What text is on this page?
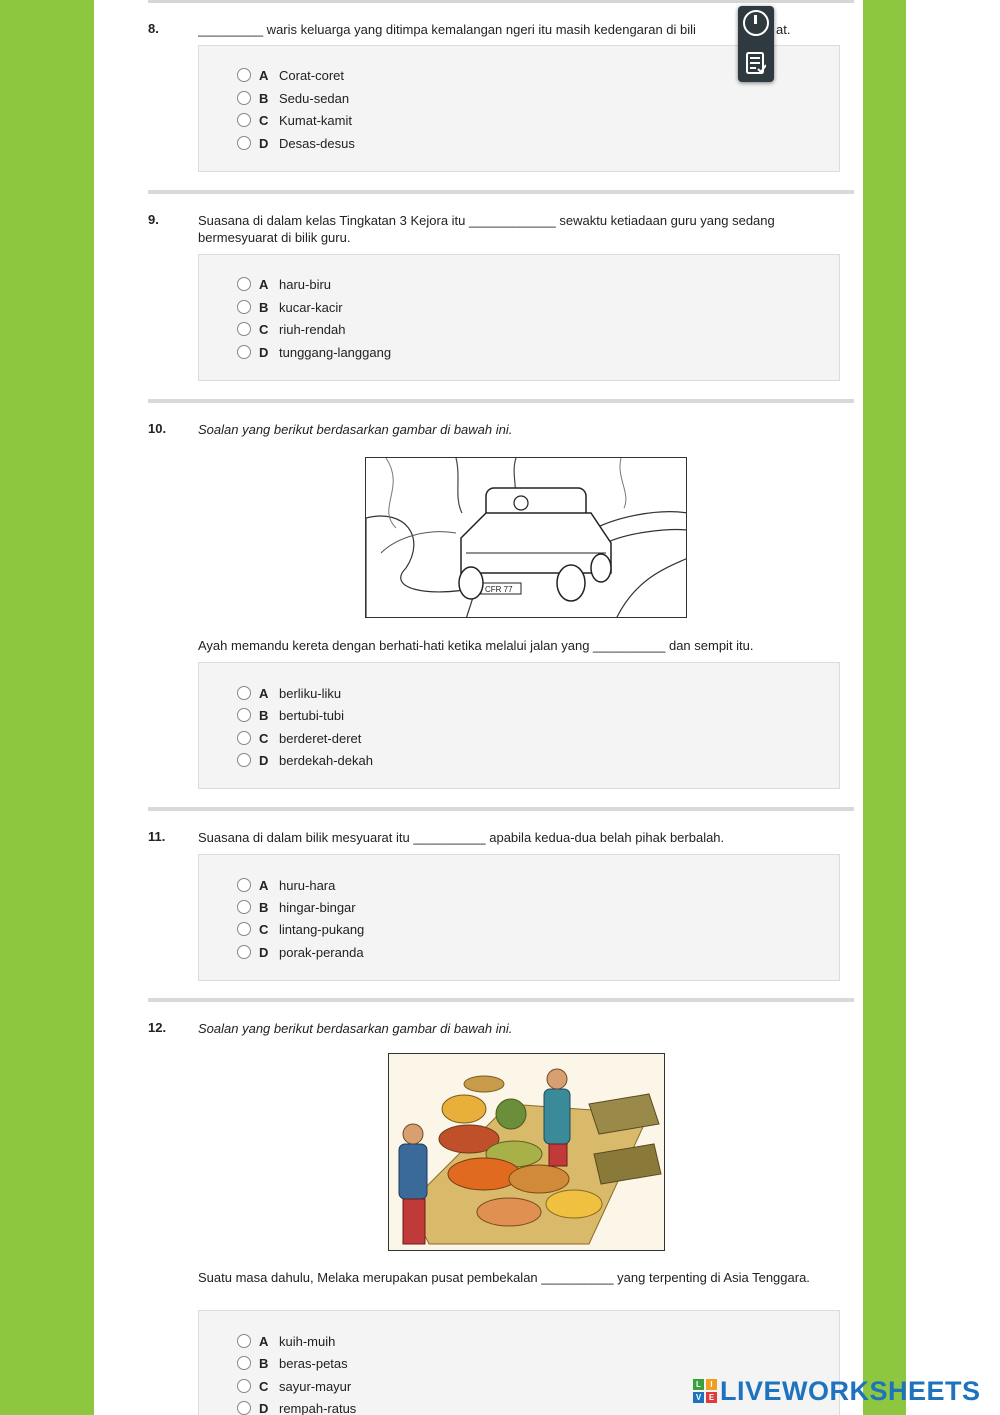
8.	_________ waris keluarga yang ditimpa kemalangan ngeri itu masih kedengaran di bili	at.
A Corat-coret
B Sedu-sedan
C Kumat-kamit
D Desas-desus
9.	Suasana di dalam kelas Tingkatan 3 Kejora itu ____________ sewaktu ketiadaan guru yang sedang bermesyuarat di bilik guru.
A haru-biru
B kucar-kacir
C riuh-rendah
D tunggang-langgang
10. Soalan yang berikut berdasarkan gambar di bawah ini.
CFR 77
Ayah memandu kereta dengan berhati-hati ketika melalui jalan yang __________ dan sempit itu.
A berliku-liku
B bertubi-tubi
C berderet-deret
D berdekah-dekah
11.	Suasana di dalam bilik mesyuarat itu __________ apabila kedua-dua belah pihak berbalah.
A huru-hara
B hingar-bingar
C lintang-pukang
D porak-peranda
12. Soalan yang berikut berdasarkan gambar di bawah ini.
Suatu masa dahulu, Melaka merupakan pusat pembekalan __________ yang terpenting di Asia Tenggara.
A kuih-muih
B beras-petas
C sayur-mayur
D rempah-ratus
L	I
V E LIVEWORKSHEETS
